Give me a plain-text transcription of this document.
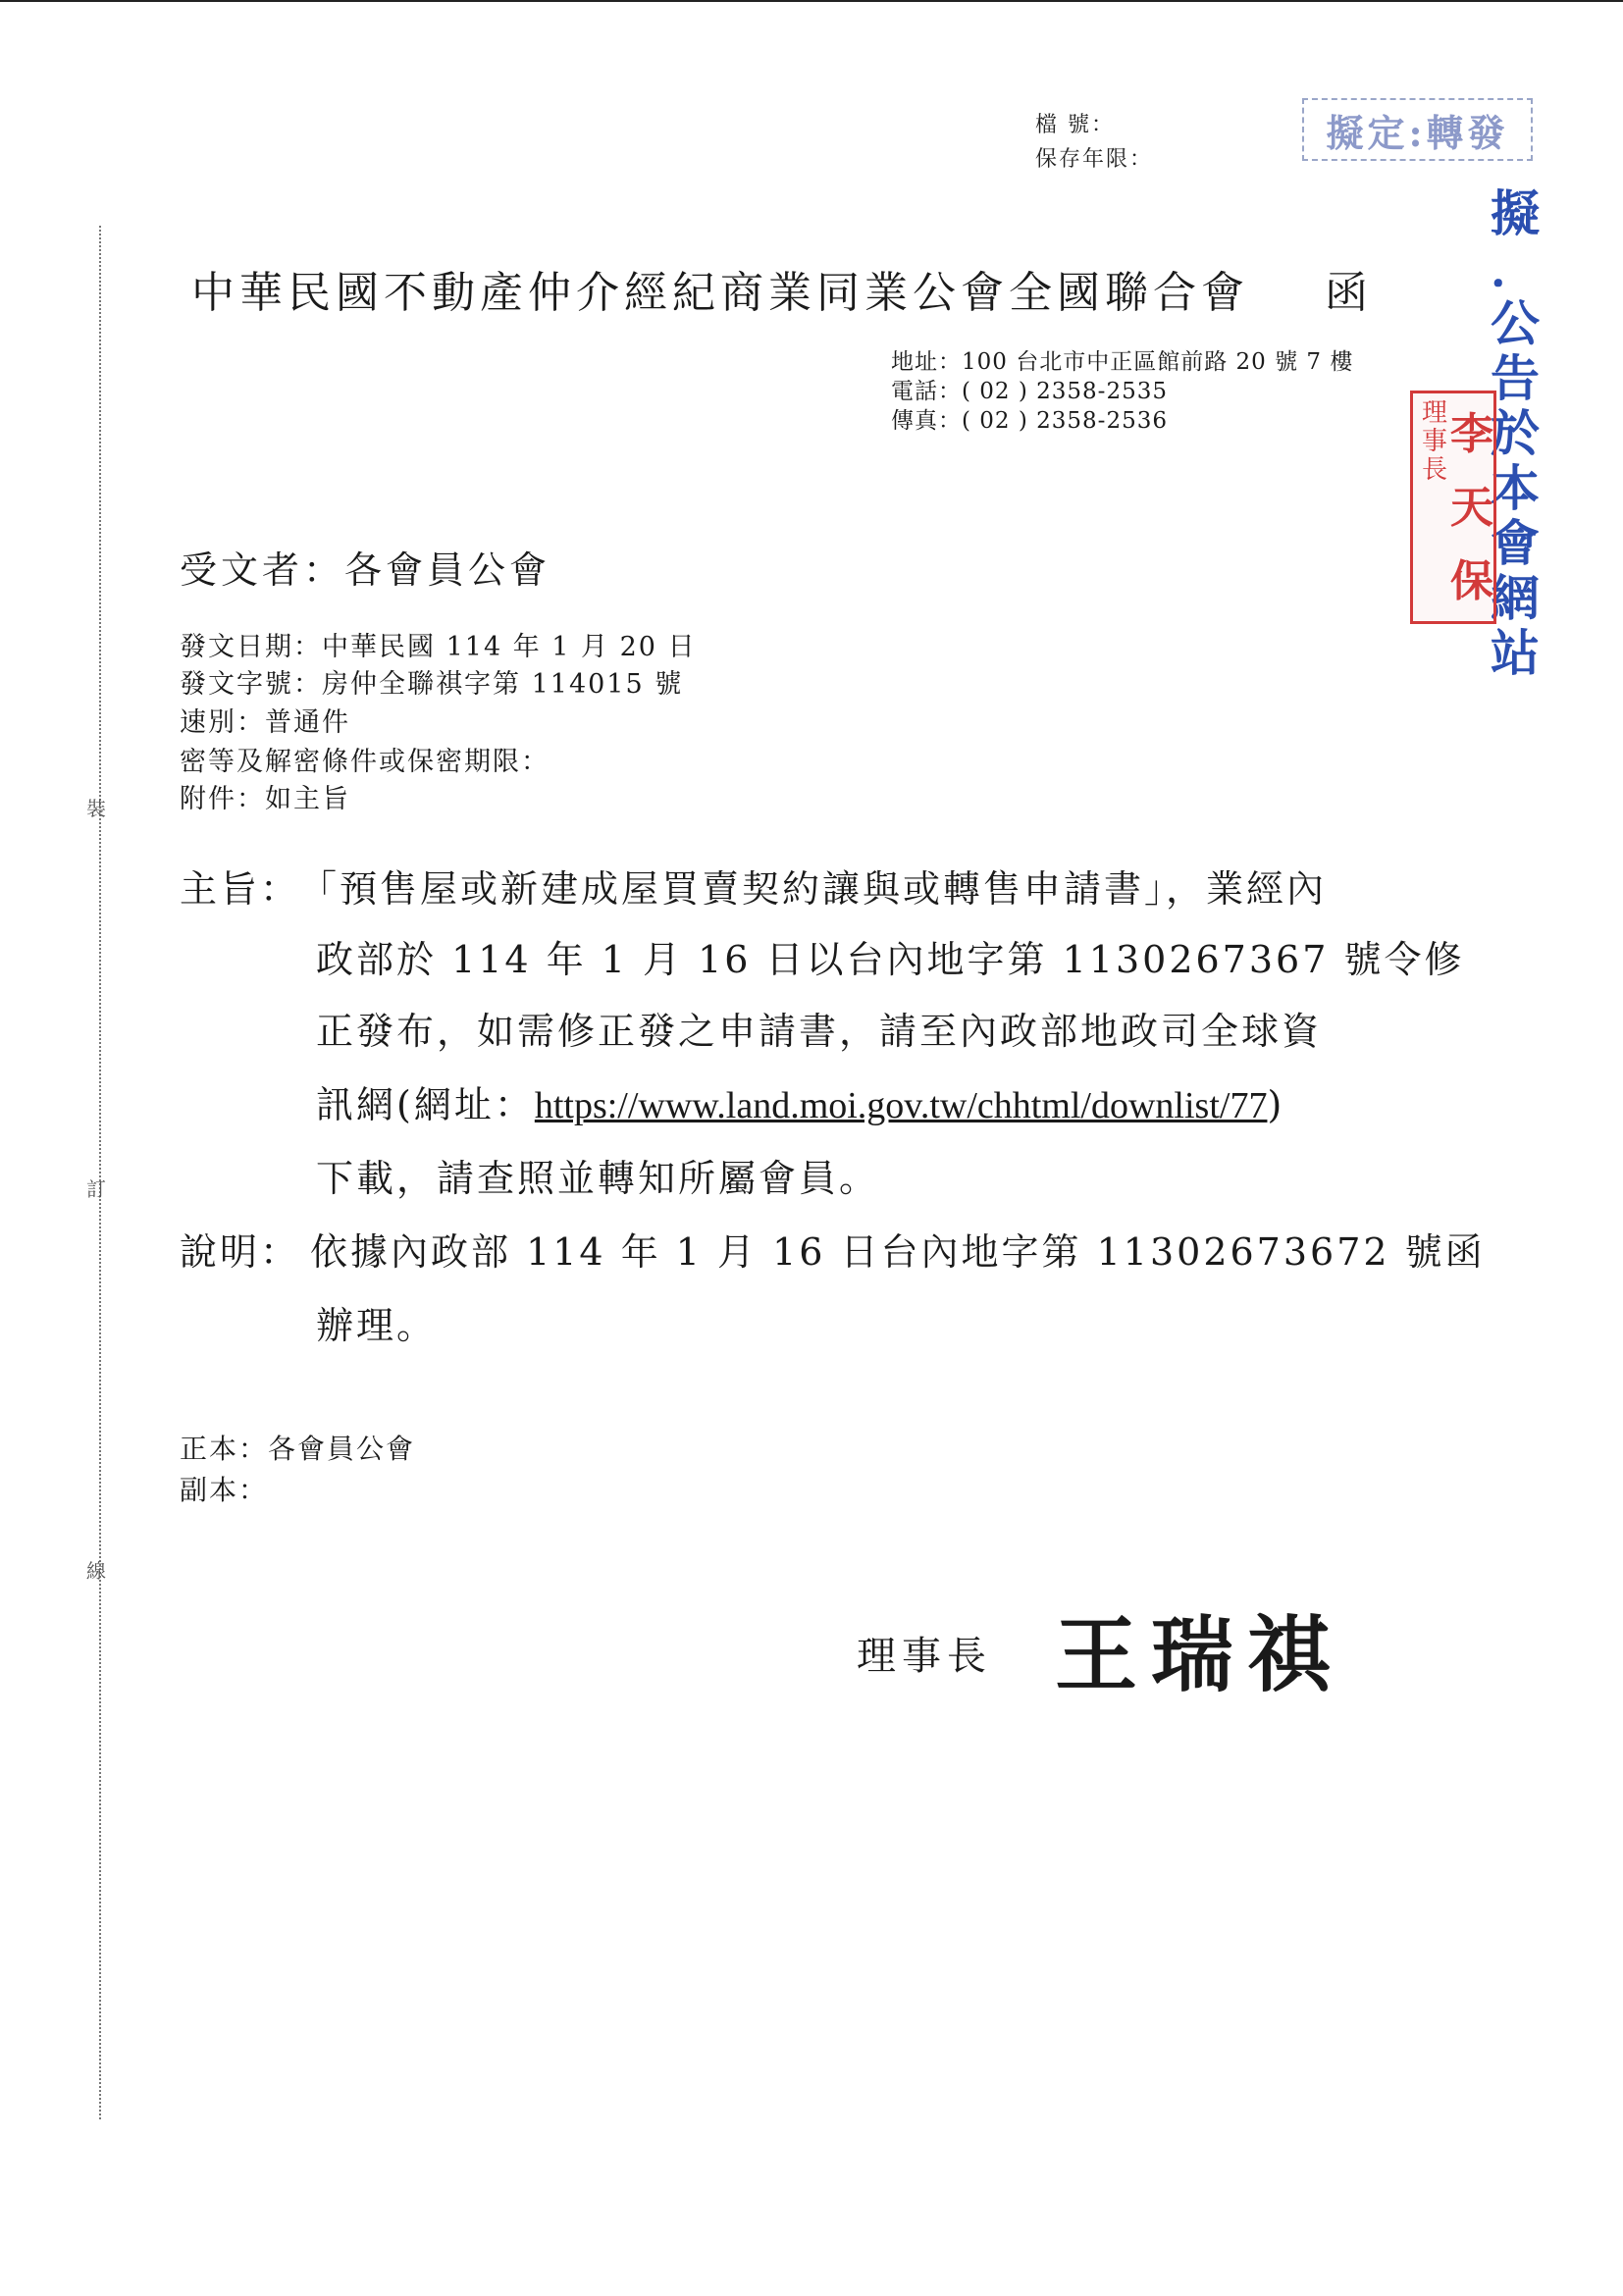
裝
訂
線
檔 號：
保存年限：
擬定:轉發
擬
．
公
告
於
本
會
網
站
理
事
長
李
天
保
中華民國不動產仲介經紀商業同業公會全國聯合會 函
地址：100 台北市中正區館前路 20 號 7 樓
電話：( 02 ) 2358-2535
傳真：( 02 ) 2358-2536
受文者：各會員公會
發文日期：中華民國 114 年 1 月 20 日
發文字號：房仲全聯祺字第 114015 號
速別：普通件
密等及解密條件或保密期限：
附件：如主旨
主旨：
「預售屋或新建成屋買賣契約讓與或轉售申請書」，業經內
政部於 114 年 1 月 16 日以台內地字第 1130267367 號令修
正發布，如需修正發之申請書，請至內政部地政司全球資
訊網(網址：https://www.land.moi.gov.tw/chhtml/downlist/77)
下載，請查照並轉知所屬會員。
說明： 依據內政部 114 年 1 月 16 日台內地字第 11302673672 號函
辦理。
正本：各會員公會
副本：
理事長 王瑞祺
